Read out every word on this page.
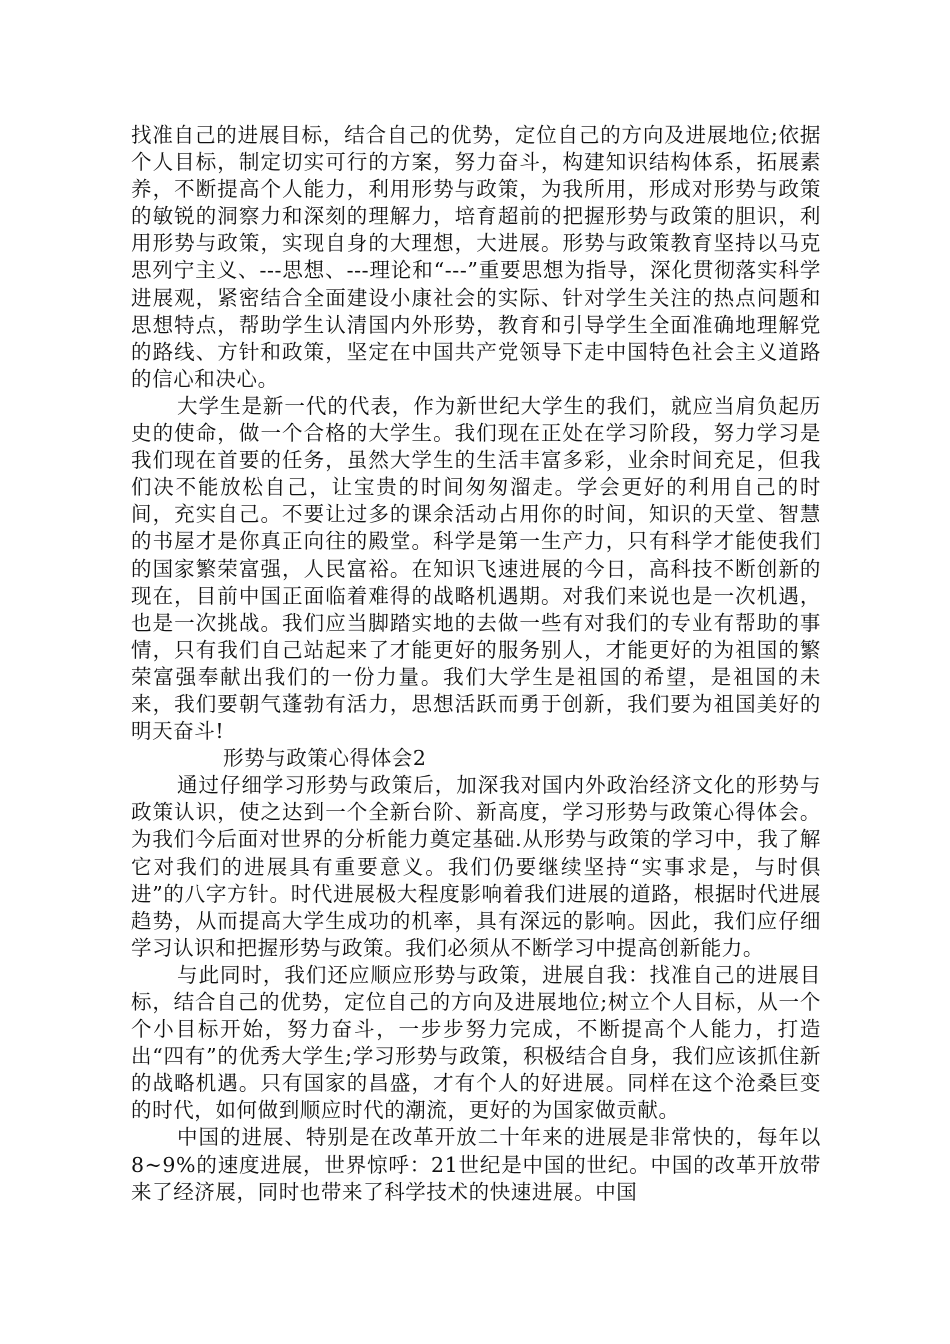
找准自己的进展目标，结合自己的优势，定位自己的方向及进展地位;依据个人目标，制定切实可行的方案，努力奋斗，构建知识结构体系，拓展素养，不断提高个人能力，利用形势与政策，为我所用，形成对形势与政策的敏锐的洞察力和深刻的理解力，培育超前的把握形势与政策的胆识，利用形势与政策，实现自身的大理想，大进展。形势与政策教育坚持以马克思列宁主义、---思想、---理论和“---”重要思想为指导，深化贯彻落实科学进展观，紧密结合全面建设小康社会的实际、针对学生关注的热点问题和思想特点，帮助学生认清国内外形势，教育和引导学生全面准确地理解党的路线、方针和政策，坚定在中国共产党领导下走中国特色社会主义道路的信心和决心。

大学生是新一代的代表，作为新世纪大学生的我们，就应当肩负起历史的使命，做一个合格的大学生。我们现在正处在学习阶段，努力学习是我们现在首要的任务，虽然大学生的生活丰富多彩，业余时间充足，但我们决不能放松自己，让宝贵的时间匆匆溜走。学会更好的利用自己的时间，充实自己。不要让过多的课余活动占用你的时间，知识的天堂、智慧的书屋才是你真正向往的殿堂。科学是第一生产力，只有科学才能使我们的国家繁荣富强，人民富裕。在知识飞速进展的今日，高科技不断创新的现在，目前中国正面临着难得的战略机遇期。对我们来说也是一次机遇，也是一次挑战。我们应当脚踏实地的去做一些有对我们的专业有帮助的事情，只有我们自己站起来了才能更好的服务别人，才能更好的为祖国的繁荣富强奉献出我们的一份力量。我们大学生是祖国的希望，是祖国的未来，我们要朝气蓬勃有活力，思想活跃而勇于创新，我们要为祖国美好的明天奋斗!

形势与政策心得体会2

通过仔细学习形势与政策后，加深我对国内外政治经济文化的形势与政策认识，使之达到一个全新台阶、新高度，学习形势与政策心得体会。为我们今后面对世界的分析能力奠定基础.从形势与政策的学习中，我了解它对我们的进展具有重要意义。我们仍要继续坚持“实事求是，与时俱进”的八字方针。时代进展极大程度影响着我们进展的道路，根据时代进展趋势，从而提高大学生成功的机率，具有深远的影响。因此，我们应仔细学习认识和把握形势与政策。我们必须从不断学习中提高创新能力。

与此同时，我们还应顺应形势与政策，进展自我：找准自己的进展目标，结合自己的优势，定位自己的方向及进展地位;树立个人目标，从一个个小目标开始，努力奋斗，一步步努力完成，不断提高个人能力，打造出“四有”的优秀大学生;学习形势与政策，积极结合自身，我们应该抓住新的战略机遇。只有国家的昌盛，才有个人的好进展。同样在这个沧桑巨变的时代，如何做到顺应时代的潮流，更好的为国家做贡献。

中国的进展、特别是在改革开放二十年来的进展是非常快的，每年以8~9%的速度进展，世界惊呼：21世纪是中国的世纪。中国的改革开放带来了经济展，同时也带来了科学技术的快速进展。中国
